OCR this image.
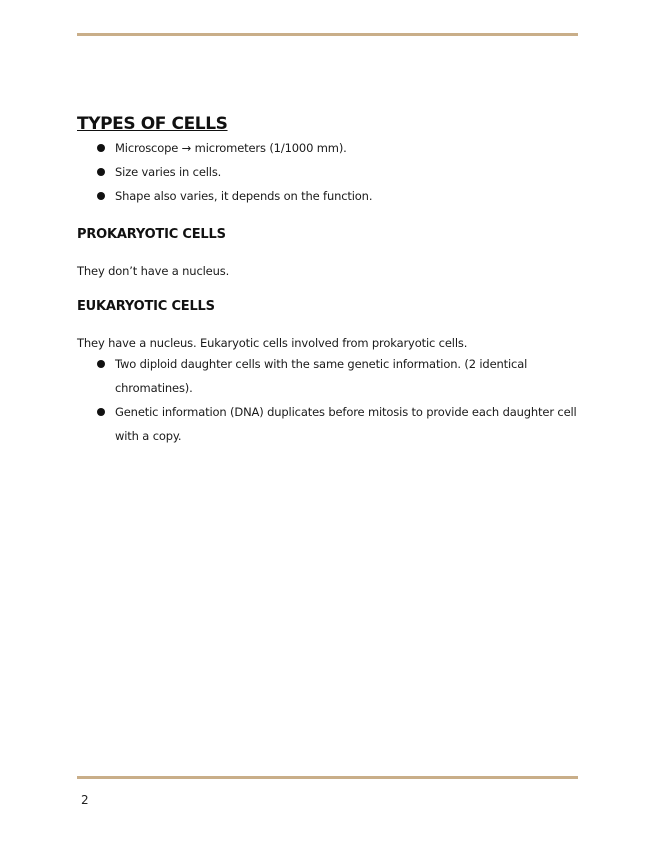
TYPES OF CELLS
Microscope → micrometers (1/1000 mm).
Size varies in cells.
Shape also varies, it depends on the function.
PROKARYOTIC CELLS

They don’t have a nucleus.

EUKARYOTIC CELLS

They have a nucleus. Eukaryotic cells involved from prokaryotic cells.

Two diploid daughter cells with the same genetic information. (2 identical chromatines).
Genetic information (DNA) duplicates before mitosis to provide each daughter cell with a copy.
2
